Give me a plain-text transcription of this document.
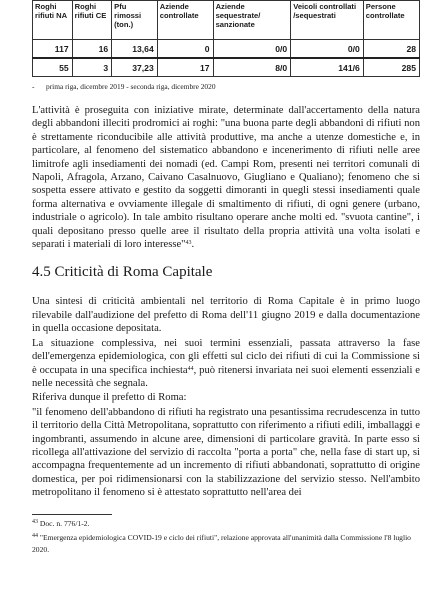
Roghi rifiuti NA	Roghi rifiuti CE	Pfu rimossi (ton.)	Aziende controllate	Aziende sequestrate/ sanzionate	Veicoli controllati /sequestrati	Persone controllate
117	16	13,64	0	0/0	0/0	28
55	3	37,23	17	8/0	141/6	285
- prima riga, dicembre 2019 - seconda riga, dicembre 2020

L'attività è proseguita con iniziative mirate, determinate dall'accertamento della natura degli abbandoni illeciti prodromici ai roghi: "una buona parte degli abbandoni di rifiuti non è strettamente riconducibile alle attività produttive, ma anche a utenze domestiche e, in particolare, al fenomeno del sistematico abbandono e incenerimento di rifiuti nelle aree limitrofe agli insediamenti dei nomadi (ed. Campi Rom, presenti nei territori comunali di Napoli, Afragola, Arzano, Caivano Casalnuovo, Giugliano e Qualiano); fenomeno che si sospetta essere attivato e gestito da soggetti dimoranti in quegli stessi insediamenti quale forma alternativa e ovviamente illegale di smaltimento di rifiuti, di ogni genere (urbano, industriale o agricolo). In tale ambito risultano operare anche molti ed. "svuota cantine", i quali depositano presso quelle aree il risultato della propria attività una volta isolati e separati i materiali di loro interesse"$^{43}$.

4.5 Criticità di Roma Capitale

Una sintesi di criticità ambientali nel territorio di Roma Capitale è in primo luogo rilevabile dall'audizione del prefetto di Roma dell'11 giugno 2019 e dalla documentazione in quella occasione depositata.

La situazione complessiva, nei suoi termini essenziali, passata attraverso la fase dell'emergenza epidemiologica, con gli effetti sul ciclo dei rifiuti di cui la Commissione si è occupata in una specifica inchiesta$^{44}$, può ritenersi invariata nei suoi elementi essenziali e nelle necessità che segnala.

Riferiva dunque il prefetto di Roma:

"il fenomeno dell'abbandono di rifiuti ha registrato una pesantissima recrudescenza in tutto il territorio della Città Metropolitana, soprattutto con riferimento a rifiuti edili, imballaggi e ingombranti, assumendo in alcune aree, dimensioni di particolare gravità. In parte esso si ricollega all'attivazione del servizio di raccolta "porta a porta" che, nella fase di start up, si accompagna frequentemente ad un incremento di rifiuti abbandonati, soprattutto di origine domestica, per poi ridimensionarsi con la stabilizzazione del servizio stesso. Nell'ambito metropolitano il fenomeno si è attestato soprattutto nell'area dei

$^{43}$ Doc. n. 776/1-2.
$^{44}$ "Emergenza epidemiologica COVID-19 e ciclo dei rifiuti", relazione approvata all'unanimità dalla Commissione l'8 luglio 2020.
